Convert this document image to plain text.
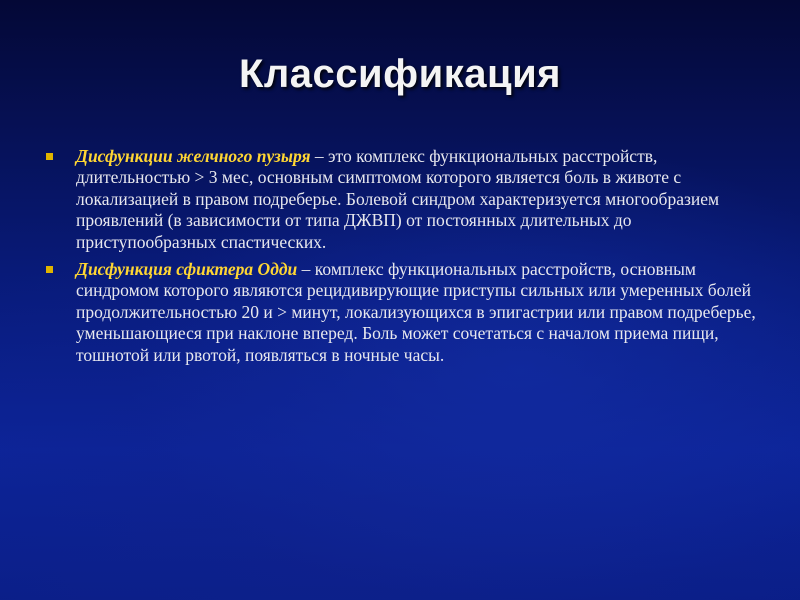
Классификация
Дисфункции желчного пузыря – это комплекс функциональных расстройств, длительностью > 3 мес, основным симптомом которого является боль в животе с локализацией в правом подреберье. Болевой синдром характеризуется многообразием проявлений (в зависимости от типа ДЖВП) от постоянных длительных до приступообразных спастических.
Дисфункция сфиктера Одди – комплекс функциональных расстройств, основным синдромом которого являются рецидивирующие приступы сильных или умеренных болей продолжительностью 20 и > минут, локализующихся в эпигастрии или правом подреберье, уменьшающиеся при наклоне вперед. Боль может сочетаться с началом приема пищи, тошнотой или рвотой, появляться в ночные часы.
